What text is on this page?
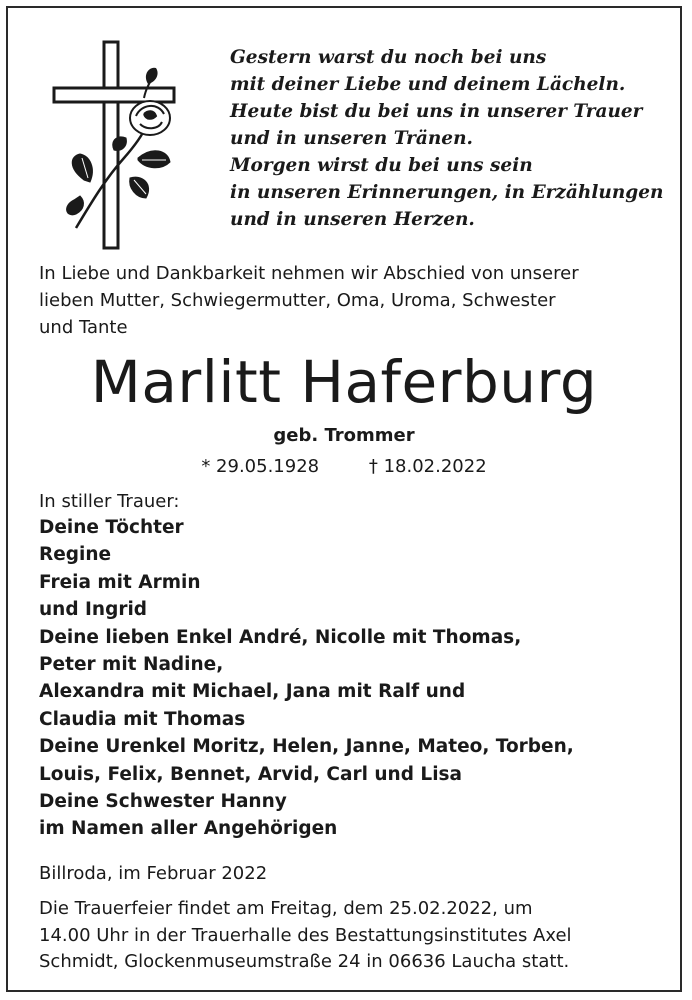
Gestern warst du noch bei uns
mit deiner Liebe und deinem Lächeln.
Heute bist du bei uns in unserer Trauer
und in unseren Tränen.
Morgen wirst du bei uns sein
in unseren Erinnerungen, in Erzählungen
und in unseren Herzen.
In Liebe und Dankbarkeit nehmen wir Abschied von unserer
lieben Mutter, Schwiegermutter, Oma, Uroma, Schwester
und Tante
Marlitt Haferburg
geb. Trommer
* 29.05.1928	† 18.02.2022
In stiller Trauer:
Deine Töchter
Regine
Freia mit Armin
und Ingrid
Deine lieben Enkel André, Nicolle mit Thomas,
Peter mit Nadine,
Alexandra mit Michael, Jana mit Ralf und
Claudia mit Thomas
Deine Urenkel Moritz, Helen, Janne, Mateo, Torben,
Louis, Felix, Bennet, Arvid, Carl und Lisa
Deine Schwester Hanny
im Namen aller Angehörigen
Billroda, im Februar 2022
Die Trauerfeier findet am Freitag, dem 25.02.2022, um
14.00 Uhr in der Trauerhalle des Bestattungsinstitutes Axel
Schmidt, Glockenmuseumstraße 24 in 06636 Laucha statt.
